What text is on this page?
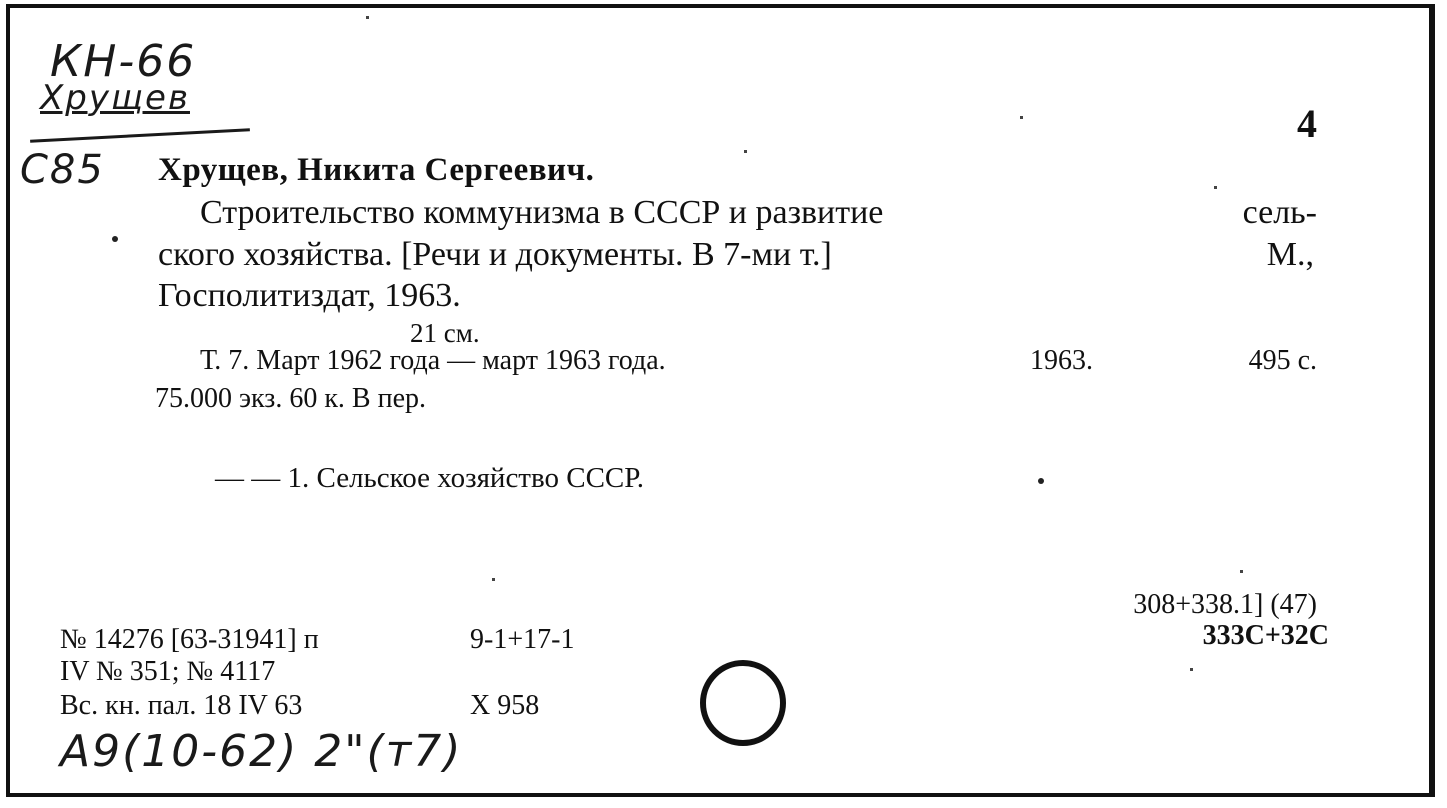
КН-66
Хрущев
С85
4
Хрущев, Никита Сергеевич.
Строительство коммунизма в СССР и развитие	сель-
ского хозяйства. [Речи и документы. В 7-ми т.]	М.,
Госполитиздат, 1963.
21 см.
Т. 7. Март 1962 года — март 1963 года.	1963.	495 с.
75.000 экз. 60 к. В пер.
— — 1. Сельское хозяйство СССР.
308+338.1] (47)
333С+32С
№ 14276 [63-31941] п	9-1+17-1
IV № 351; № 4117
Вс. кн. пал. 18 IV 63	X 958
А9(10-62) 2"(т7)
